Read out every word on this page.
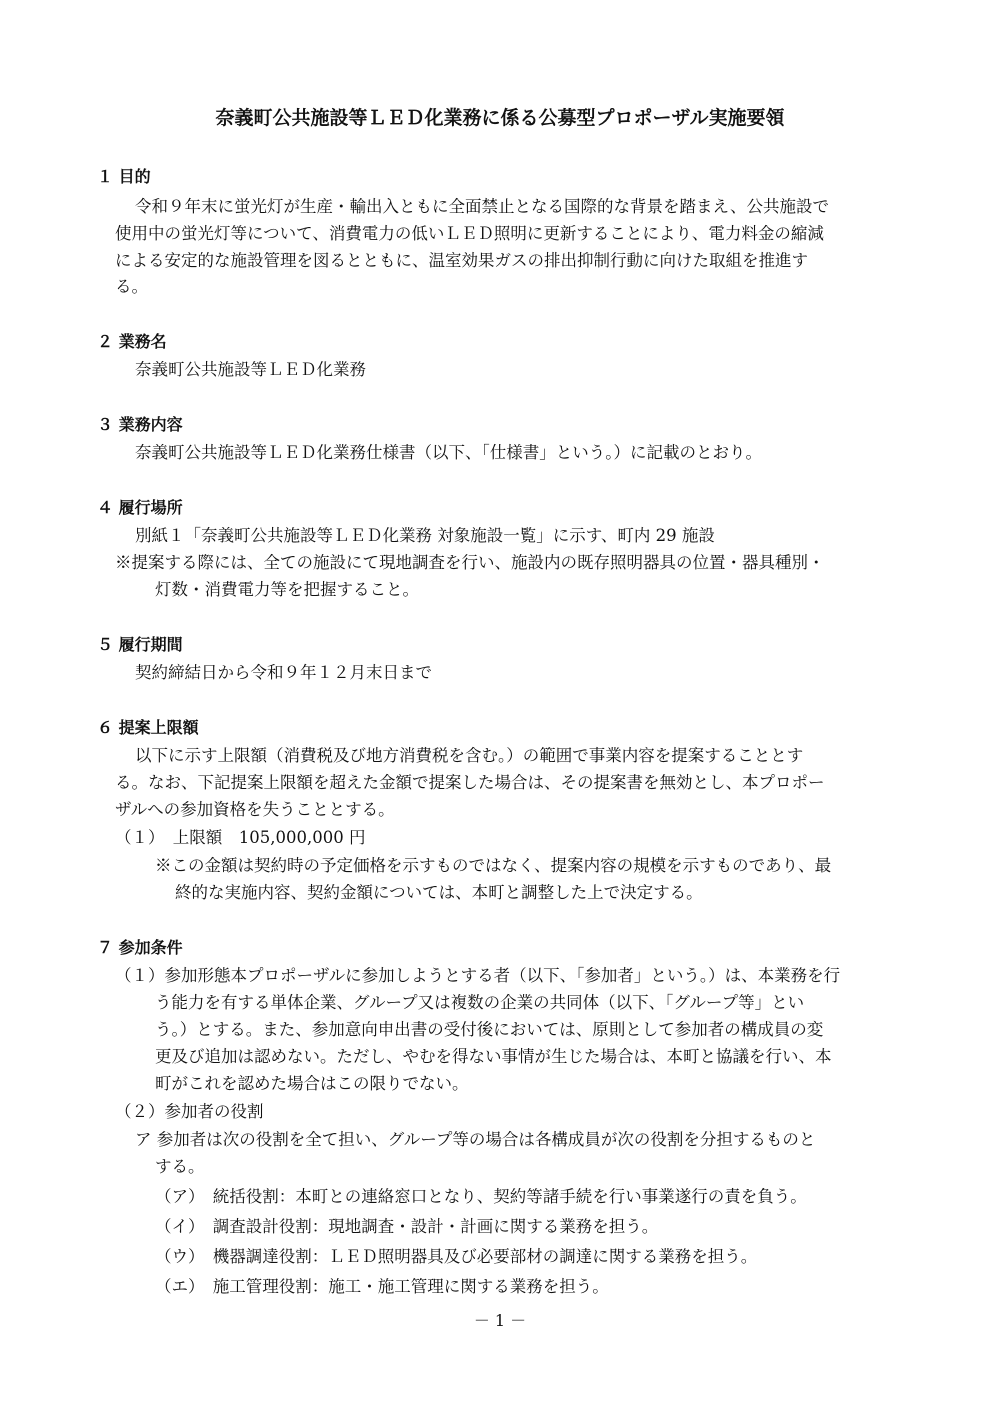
奈義町公共施設等ＬＥＤ化業務に係る公募型プロポーザル実施要領
１ 目的
令和９年末に蛍光灯が生産・輸出入ともに全面禁止となる国際的な背景を踏まえ、公共施設で
使用中の蛍光灯等について、消費電力の低いＬＥＤ照明に更新することにより、電力料金の縮減
による安定的な施設管理を図るとともに、温室効果ガスの排出抑制行動に向けた取組を推進す
る。
２ 業務名
奈義町公共施設等ＬＥＤ化業務
３ 業務内容
奈義町公共施設等ＬＥＤ化業務仕様書（以下、「仕様書」という。）に記載のとおり。
４ 履行場所
別紙１「奈義町公共施設等ＬＥＤ化業務 対象施設一覧」に示す、町内 29 施設
※提案する際には、全ての施設にて現地調査を行い、施設内の既存照明器具の位置・器具種別・
灯数・消費電力等を把握すること。
５ 履行期間
契約締結日から令和９年１２月末日まで
６ 提案上限額
以下に示す上限額（消費税及び地方消費税を含む。）の範囲で事業内容を提案することとす
る。なお、下記提案上限額を超えた金額で提案した場合は、その提案書を無効とし、本プロポー
ザルへの参加資格を失うこととする。
（１）　上限額　105,000,000 円
※この金額は契約時の予定価格を示すものではなく、提案内容の規模を示すものであり、最
終的な実施内容、契約金額については、本町と調整した上で決定する。
７ 参加条件
（１）参加形態本プロポーザルに参加しようとする者（以下、「参加者」という。）は、本業務を行
う能力を有する単体企業、グループ又は複数の企業の共同体（以下、「グループ等」とい
う。）とする。また、参加意向申出書の受付後においては、原則として参加者の構成員の変
更及び追加は認めない。ただし、やむを得ない事情が生じた場合は、本町と協議を行い、本
町がこれを認めた場合はこの限りでない。
（２）参加者の役割
ア 参加者は次の役割を全て担い、グループ等の場合は各構成員が次の役割を分担するものと
する。
（ア）　統括役割：本町との連絡窓口となり、契約等諸手続を行い事業遂行の責を負う。
（イ）　調査設計役割：現地調査・設計・計画に関する業務を担う。
（ウ）　機器調達役割：ＬＥＤ照明器具及び必要部材の調達に関する業務を担う。
（エ）　施工管理役割：施工・施工管理に関する業務を担う。
－ 1 －
